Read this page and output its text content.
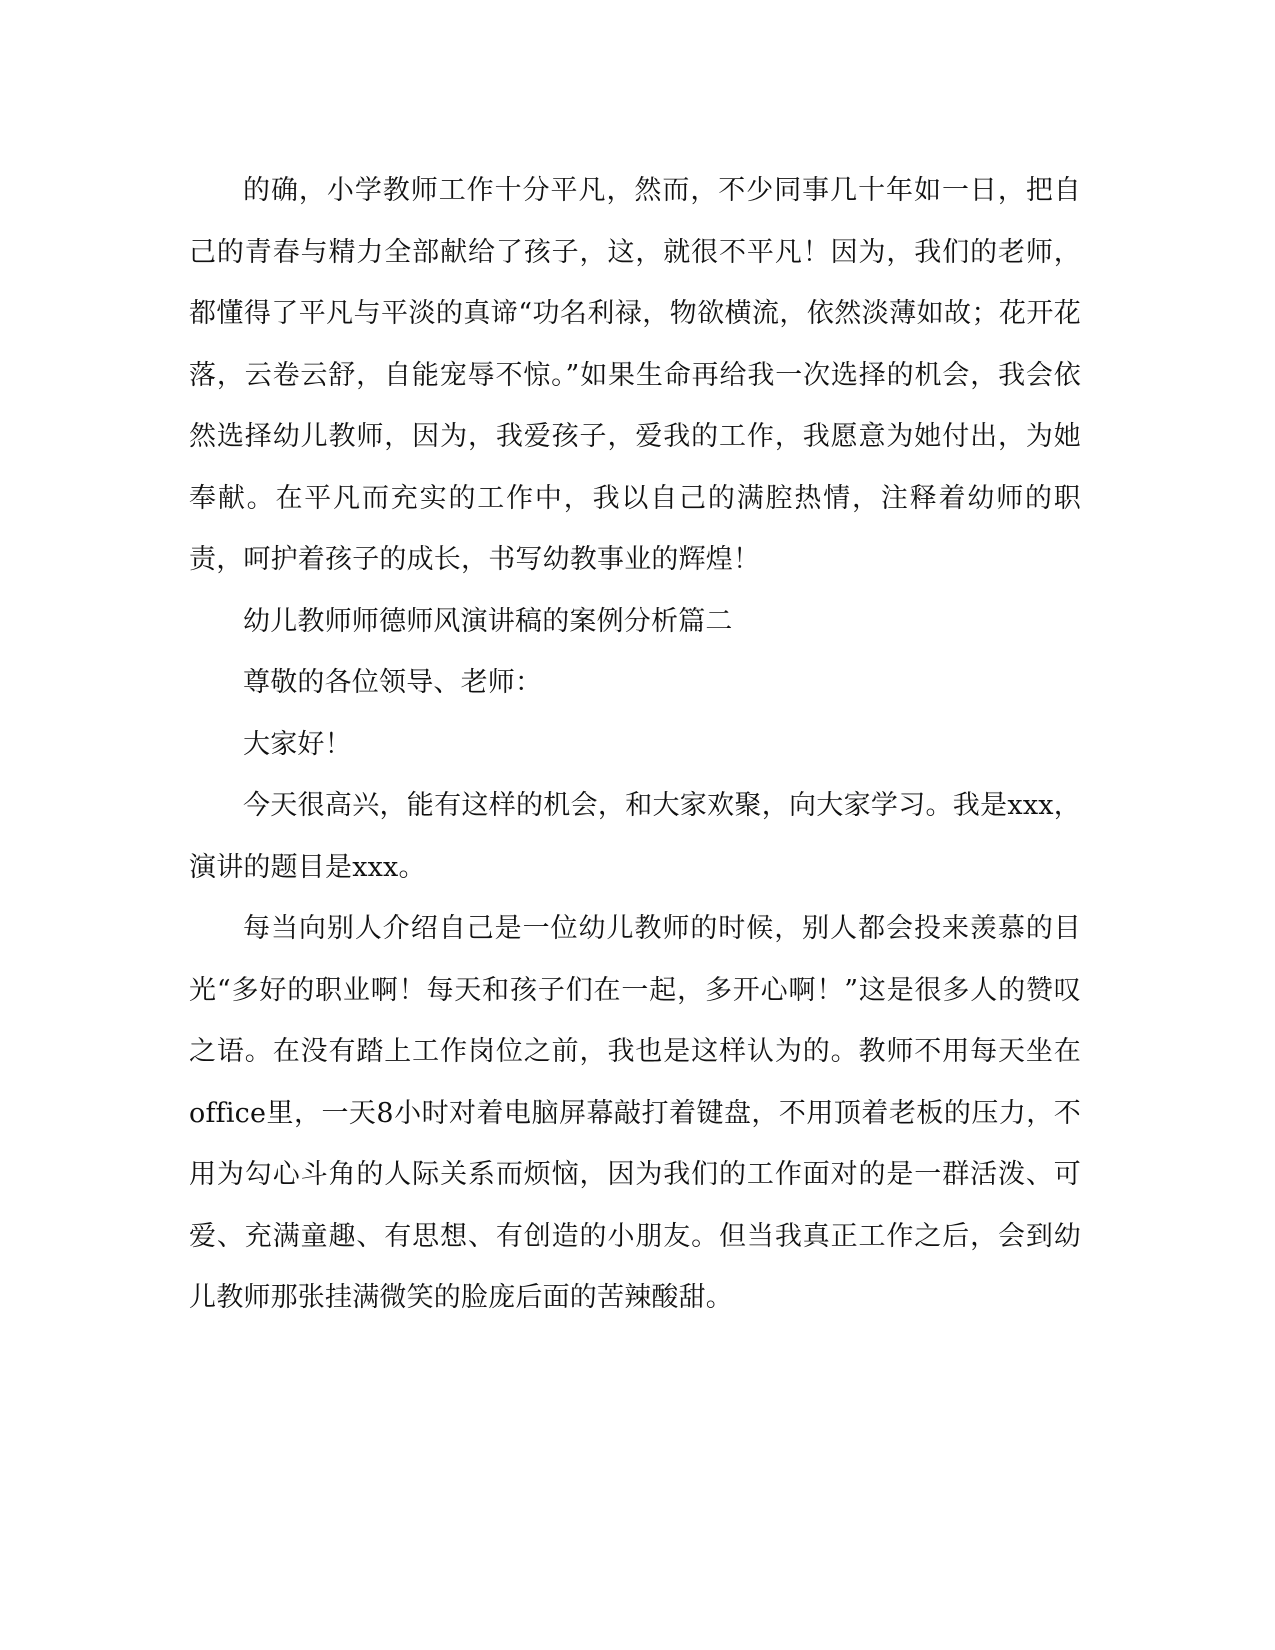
的确，小学教师工作十分平凡，然而，不少同事几十年如一日，把自己的青春与精力全部献给了孩子，这，就很不平凡！因为，我们的老师，都懂得了平凡与平淡的真谛“功名利禄，物欲横流，依然淡薄如故；花开花落，云卷云舒，自能宠辱不惊。”如果生命再给我一次选择的机会，我会依然选择幼儿教师，因为，我爱孩子，爱我的工作，我愿意为她付出，为她奉献。在平凡而充实的工作中，我以自己的满腔热情，注释着幼师的职责，呵护着孩子的成长，书写幼教事业的辉煌！

幼儿教师师德师风演讲稿的案例分析篇二

尊敬的各位领导、老师：

大家好！

今天很高兴，能有这样的机会，和大家欢聚，向大家学习。我是xxx，演讲的题目是xxx。

每当向别人介绍自己是一位幼儿教师的时候，别人都会投来羡慕的目光“多好的职业啊！每天和孩子们在一起，多开心啊！”这是很多人的赞叹之语。在没有踏上工作岗位之前，我也是这样认为的。教师不用每天坐在office里，一天8小时对着电脑屏幕敲打着键盘，不用顶着老板的压力，不用为勾心斗角的人际关系而烦恼，因为我们的工作面对的是一群活泼、可爱、充满童趣、有思想、有创造的小朋友。但当我真正工作之后，会到幼儿教师那张挂满微笑的脸庞后面的苦辣酸甜。
